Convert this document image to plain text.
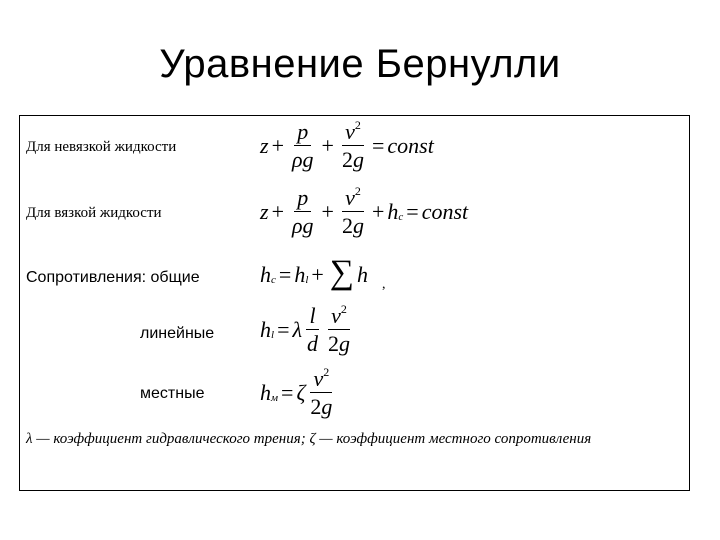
Уравнение Бернулли
Для невязкой жидкости	$z + \frac{p}{\rho g} + \frac{v^2}{2g}$ = const
Для вязкой жидкости	$z + \frac{p}{\rho g} + \frac{v^2}{2g} + h_c$ = const
Сопротивления: общие	$h_c = h_l$ + ∑ h ,
линейные $h_l = \lambda \frac{l}{d} \frac{v^2}{2g}$
местные	$h_м = \zeta \frac{v^2}{2g}$
λ — коэффициент гидравлического трения; ζ — коэффициент местного сопротивления
